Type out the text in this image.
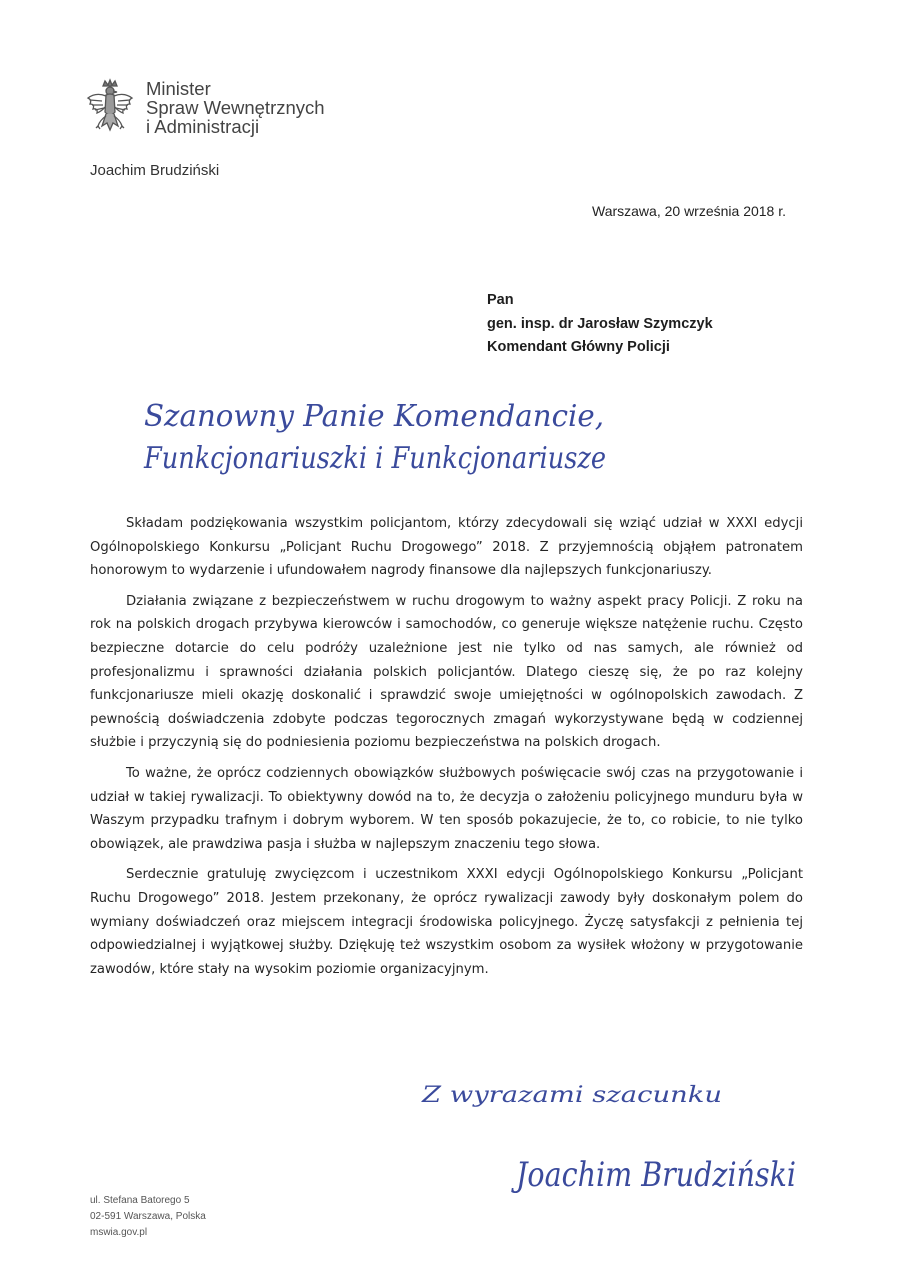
Minister
Spraw Wewnętrznych
i Administracji
Joachim Brudziński
Warszawa, 20 września 2018 r.
Pan
gen. insp. dr Jarosław Szymczyk
Komendant Główny Policji
Szanowny Panie Komendancie,
Funkcjonariuszki i Funkcjonariusze

Składam podziękowania wszystkim policjantom, którzy zdecydowali się wziąć udział w XXXI edycji Ogólnopolskiego Konkursu „Policjant Ruchu Drogowego” 2018. Z przyjemnością objąłem patronatem honorowym to wydarzenie i ufundowałem nagrody finansowe dla najlepszych funkcjonariuszy.

Działania związane z bezpieczeństwem w ruchu drogowym to ważny aspekt pracy Policji. Z roku na rok na polskich drogach przybywa kierowców i samochodów, co generuje większe natężenie ruchu. Często bezpieczne dotarcie do celu podróży uzależnione jest nie tylko od nas samych, ale również od profesjonalizmu i sprawności działania polskich policjantów. Dlatego cieszę się, że po raz kolejny funkcjonariusze mieli okazję doskonalić i sprawdzić swoje umiejętności w ogólnopolskich zawodach. Z pewnością doświadczenia zdobyte podczas tegorocznych zmagań wykorzystywane będą w codziennej służbie i przyczynią się do podniesienia poziomu bezpieczeństwa na polskich drogach.

To ważne, że oprócz codziennych obowiązków służbowych poświęcacie swój czas na przygotowanie i udział w takiej rywalizacji. To obiektywny dowód na to, że decyzja o założeniu policyjnego munduru była w Waszym przypadku trafnym i dobrym wyborem. W ten sposób pokazujecie, że to, co robicie, to nie tylko obowiązek, ale prawdziwa pasja i służba w najlepszym znaczeniu tego słowa.

Serdecznie gratuluję zwycięzcom i uczestnikom XXXI edycji Ogólnopolskiego Konkursu „Policjant Ruchu Drogowego” 2018. Jestem przekonany, że oprócz rywalizacji zawody były doskonałym polem do wymiany doświadczeń oraz miejscem integracji środowiska policyjnego. Życzę satysfakcji z pełnienia tej odpowiedzialnej i wyjątkowej służby. Dziękuję też wszystkim osobom za wysiłek włożony w przygotowanie zawodów, które stały na wysokim poziomie organizacyjnym.

Z wyrazami szacunku
Joachim Brudziński
ul. Stefana Batorego 5
02-591 Warszawa, Polska
mswia.gov.pl
